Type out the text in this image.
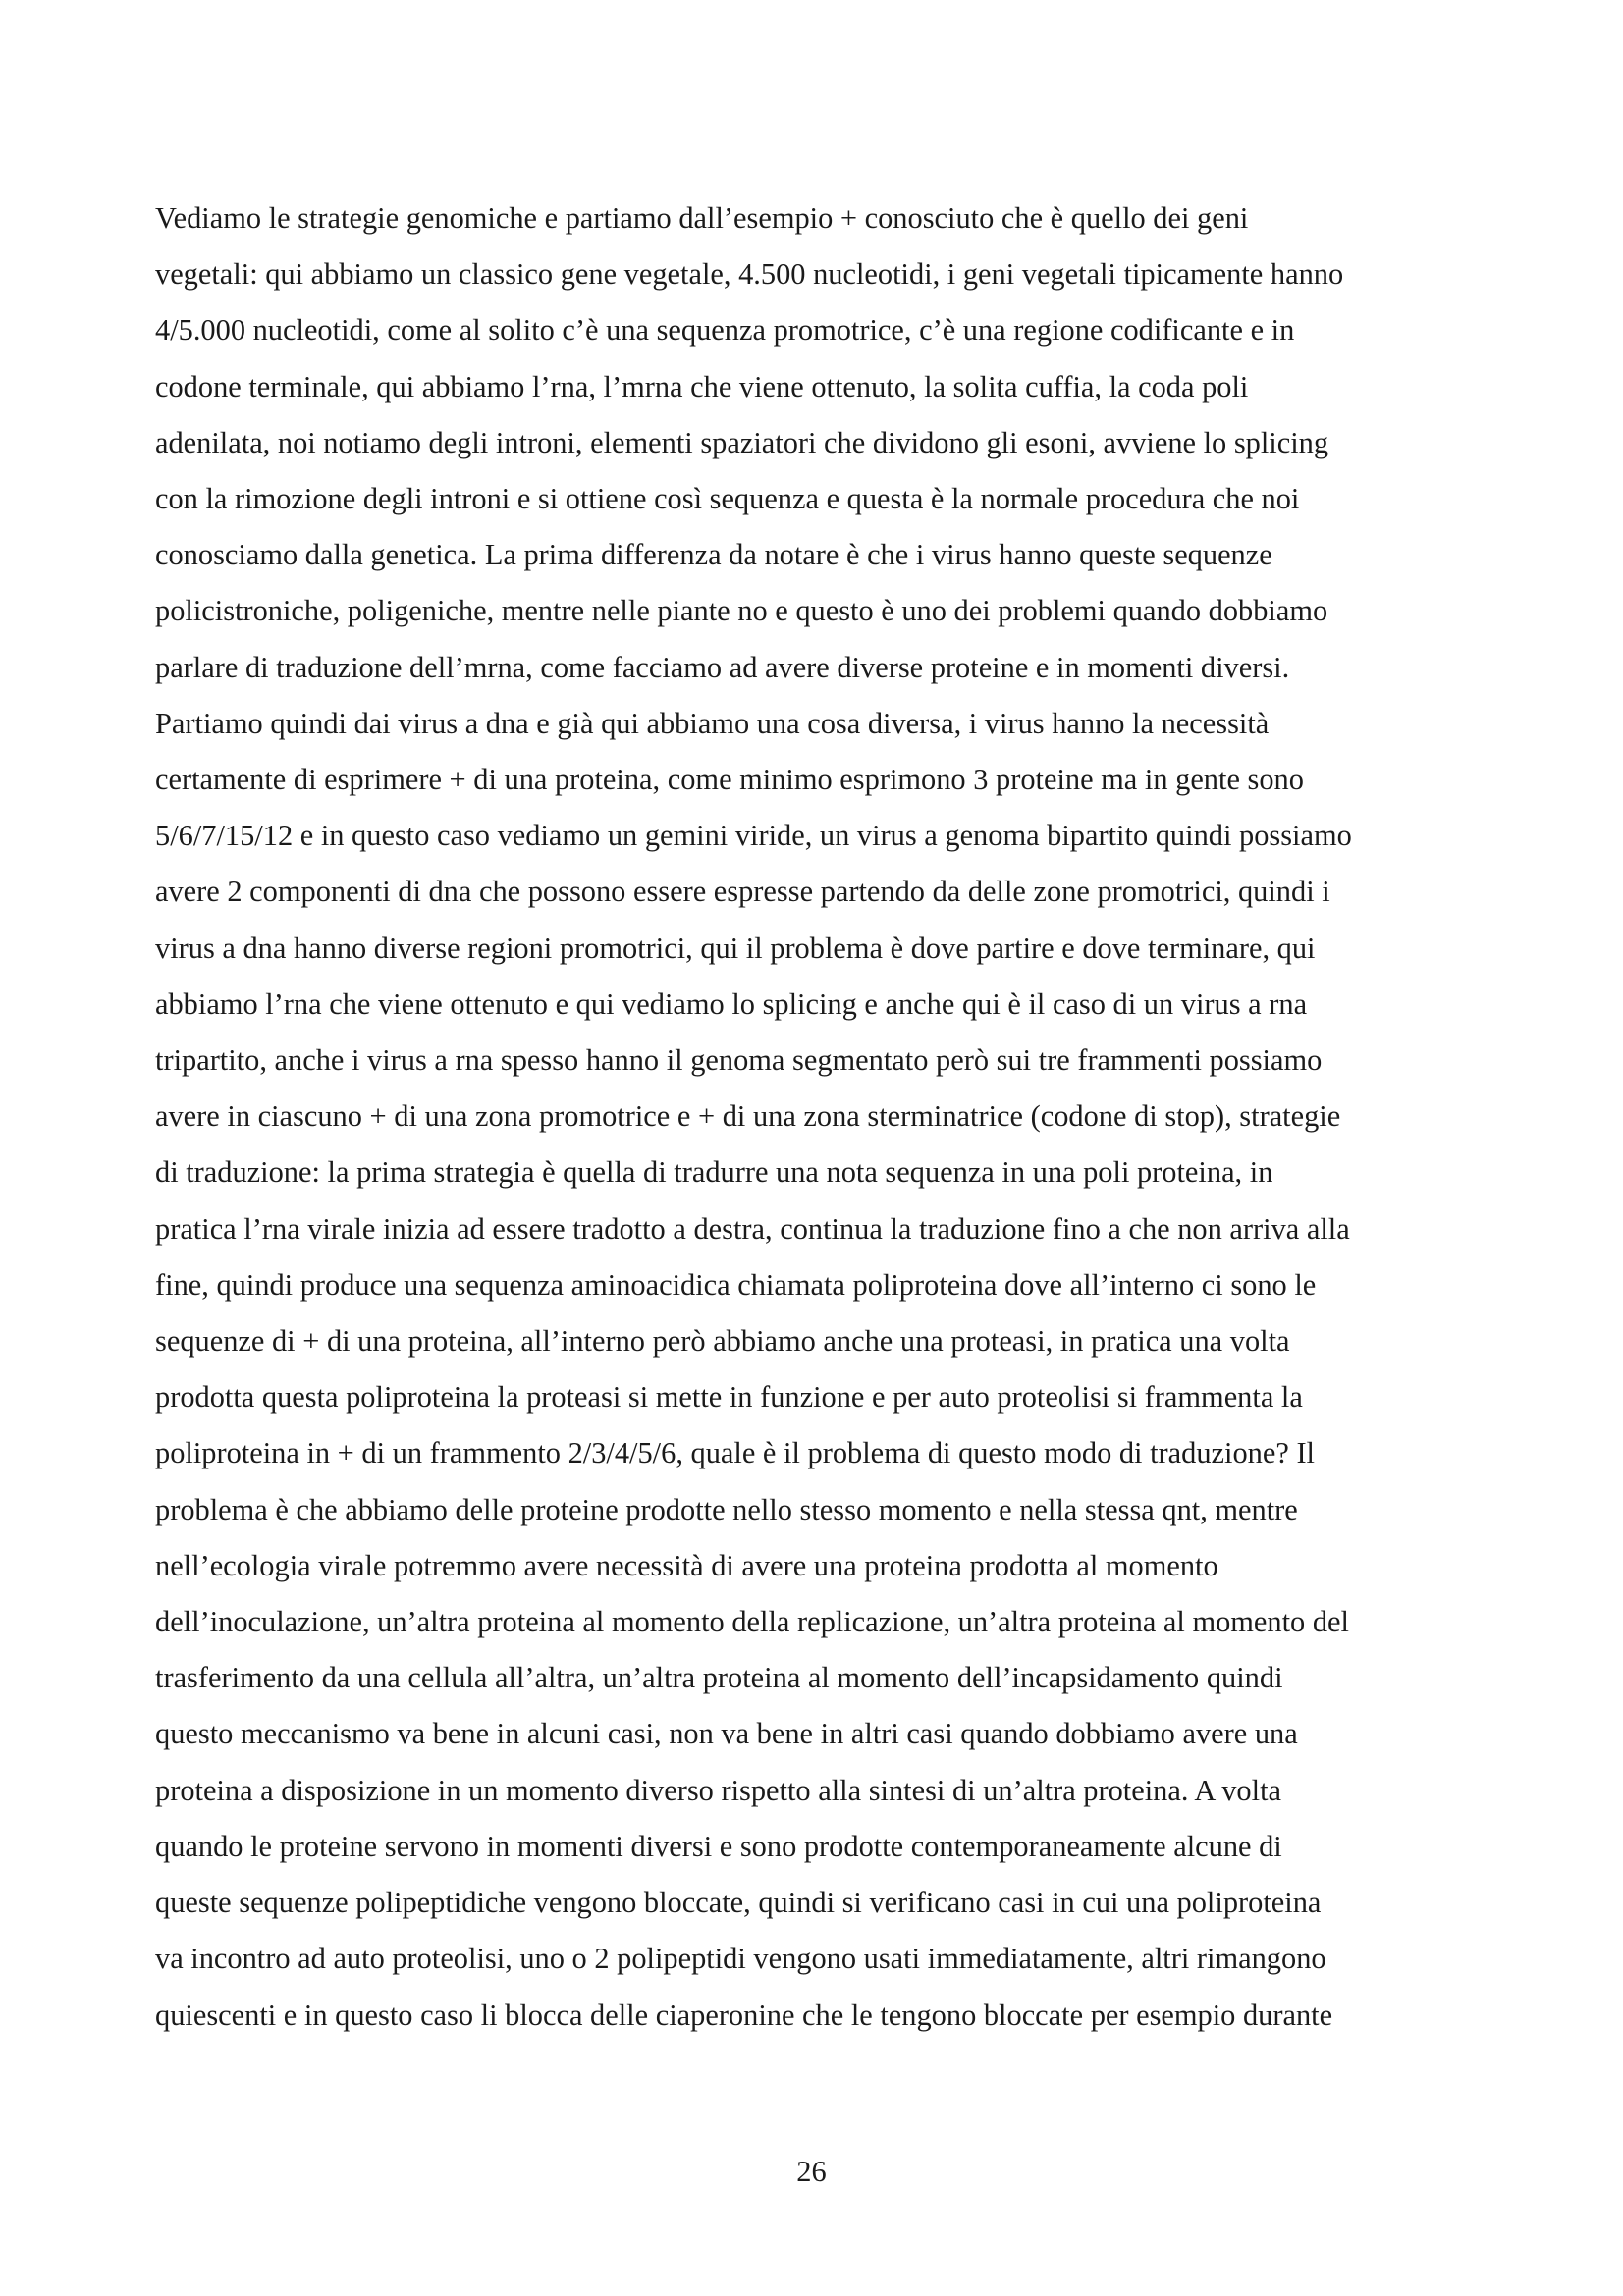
Vediamo le strategie genomiche e partiamo dall’esempio + conosciuto che è quello dei geni
vegetali: qui abbiamo un classico gene vegetale, 4.500 nucleotidi, i geni vegetali tipicamente hanno
4/5.000 nucleotidi, come al solito c’è una sequenza promotrice, c’è una regione codificante e in
codone terminale, qui abbiamo l’rna, l’mrna che viene ottenuto, la solita cuffia, la coda poli
adenilata, noi notiamo degli introni, elementi spaziatori che dividono gli esoni, avviene lo splicing
con la rimozione degli introni e si ottiene così sequenza e questa è la normale procedura che noi
conosciamo dalla genetica. La prima differenza da notare è che i virus hanno queste sequenze
policistroniche, poligeniche, mentre nelle piante no e questo è uno dei problemi quando dobbiamo
parlare di traduzione dell’mrna, come facciamo ad avere diverse proteine e in momenti diversi.
Partiamo quindi dai virus a dna e già qui abbiamo una cosa diversa, i virus hanno la necessità
certamente di esprimere + di una proteina, come minimo esprimono 3 proteine ma in gente sono
5/6/7/15/12 e in questo caso vediamo un gemini viride, un virus a genoma bipartito quindi possiamo
avere 2 componenti di dna che possono essere espresse partendo da delle zone promotrici, quindi i
virus a dna hanno diverse regioni promotrici, qui il problema è dove partire e dove terminare, qui
abbiamo l’rna che viene ottenuto e qui vediamo lo splicing e anche qui è il caso di un virus a rna
tripartito, anche i virus a rna spesso hanno il genoma segmentato però sui tre frammenti possiamo
avere in ciascuno + di una zona promotrice e + di una zona sterminatrice (codone di stop), strategie
di traduzione: la prima strategia è quella di tradurre una nota sequenza in una poli proteina, in
pratica l’rna virale inizia ad essere tradotto a destra, continua la traduzione fino a che non arriva alla
fine, quindi produce una sequenza aminoacidica chiamata poliproteina dove all’interno ci sono le
sequenze di + di una proteina, all’interno però abbiamo anche una proteasi, in pratica una volta
prodotta questa poliproteina la proteasi si mette in funzione e per auto proteolisi si frammenta la
poliproteina in + di un frammento 2/3/4/5/6, quale è il problema di questo modo di traduzione? Il
problema è che abbiamo delle proteine prodotte nello stesso momento e nella stessa qnt, mentre
nell’ecologia virale potremmo avere necessità di avere una proteina prodotta al momento
dell’inoculazione, un’altra proteina al momento della replicazione, un’altra proteina al momento del
trasferimento da una cellula all’altra, un’altra proteina al momento dell’incapsidamento quindi
questo meccanismo va bene in alcuni casi, non va bene in altri casi quando dobbiamo avere una
proteina a disposizione in un momento diverso rispetto alla sintesi di un’altra proteina. A volta
quando le proteine servono in momenti diversi e sono prodotte contemporaneamente alcune di
queste sequenze polipeptidiche vengono bloccate, quindi si verificano casi in cui una poliproteina
va incontro ad auto proteolisi, uno o 2 polipeptidi vengono usati immediatamente, altri rimangono
quiescenti e in questo caso li blocca delle ciaperonine che le tengono bloccate per esempio durante
26
